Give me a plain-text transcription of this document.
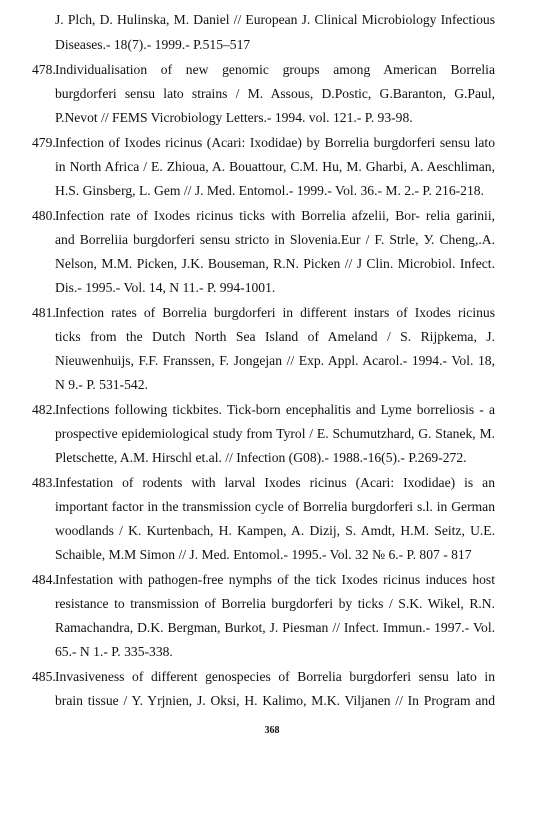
J. Plch, D. Hulinska, M. Daniel // European J. Clinical Microbiology Infectious
Diseases.- 18(7).- 1999.- P.515–517
478. Individualisation of new genomic groups among American Borrelia
burgdorferi sensu lato strains / M. Assous, D.Postic, G.Baranton, G.Paul,
P.Nevot // FEMS Vicrobiology Letters.- 1994. vol. 121.- P. 93-98.
479. Infection of Ixodes ricinus (Acari: Ixodidae) by Borrelia burgdorferi sensu lato
in North Africa / E. Zhioua, A. Bouattour, C.M. Hu, M. Gharbi, A. Aeschliman,
H.S. Ginsberg, L. Gem // J. Med. Entomol.- 1999.- Vol. 36.- M. 2.- P. 216-218.
480. Infection rate of Ixodes ricinus ticks with Borrelia afzelii, Bor- relia garinii,
and Borreliia burgdorferi sensu stricto in Slovenia.Eur / F. Strle, У. Cheng,.A.
Nelson, M.M. Picken, J.K. Bouseman, R.N. Picken // J Clin. Microbiol. Infect.
Dis.- 1995.- Vol. 14, N 11.- P. 994-1001.
481. Infection rates of Borrelia burgdorferi in different instars of Ixodes ricinus
ticks from the Dutch North Sea Island of Ameland / S. Rijpkema, J.
Nieuwenhuijs, F.F. Franssen, F. Jongejan // Exp. Appl. Acarol.- 1994.- Vol. 18,
N 9.- P. 531-542.
482. Infections following tickbites. Tick-born encephalitis and Lyme borreliosis - a
prospective epidemiological study from Tyrol / E. Schumutzhard, G. Stanek, M.
Pletschette, A.M. Hirschl et.al. // Infection (G08).- 1988.-16(5).- P.269-272.
483. Infestation of rodents with larval Ixodes ricinus (Acari: Ixodidae) is an
important factor in the transmission cycle of Borrelia burgdorferi s.l. in German
woodlands / K. Kurtenbach, H. Kampen, A. Dizij, S. Amdt, H.M. Seitz, U.E.
Schaible, M.M Simon // J. Med. Entomol.- 1995.- Vol. 32 № 6.- P. 807 - 817
484. Infestation with pathogen-free nymphs of the tick Ixodes ricinus induces host
resistance to transmission of Borrelia burgdorferi by ticks / S.K. Wikel, R.N.
Ramachandra, D.K. Bergman, Burkot, J. Piesman // Infect. Immun.- 1997.- Vol.
65.- N 1.- P. 335-338.
485. Invasiveness of different genospecies of Borrelia burgdorferi sensu lato in
brain tissue / Y. Yrjnien, J. Oksi, H. Kalimo, M.K. Viljanen // In Program and
368
